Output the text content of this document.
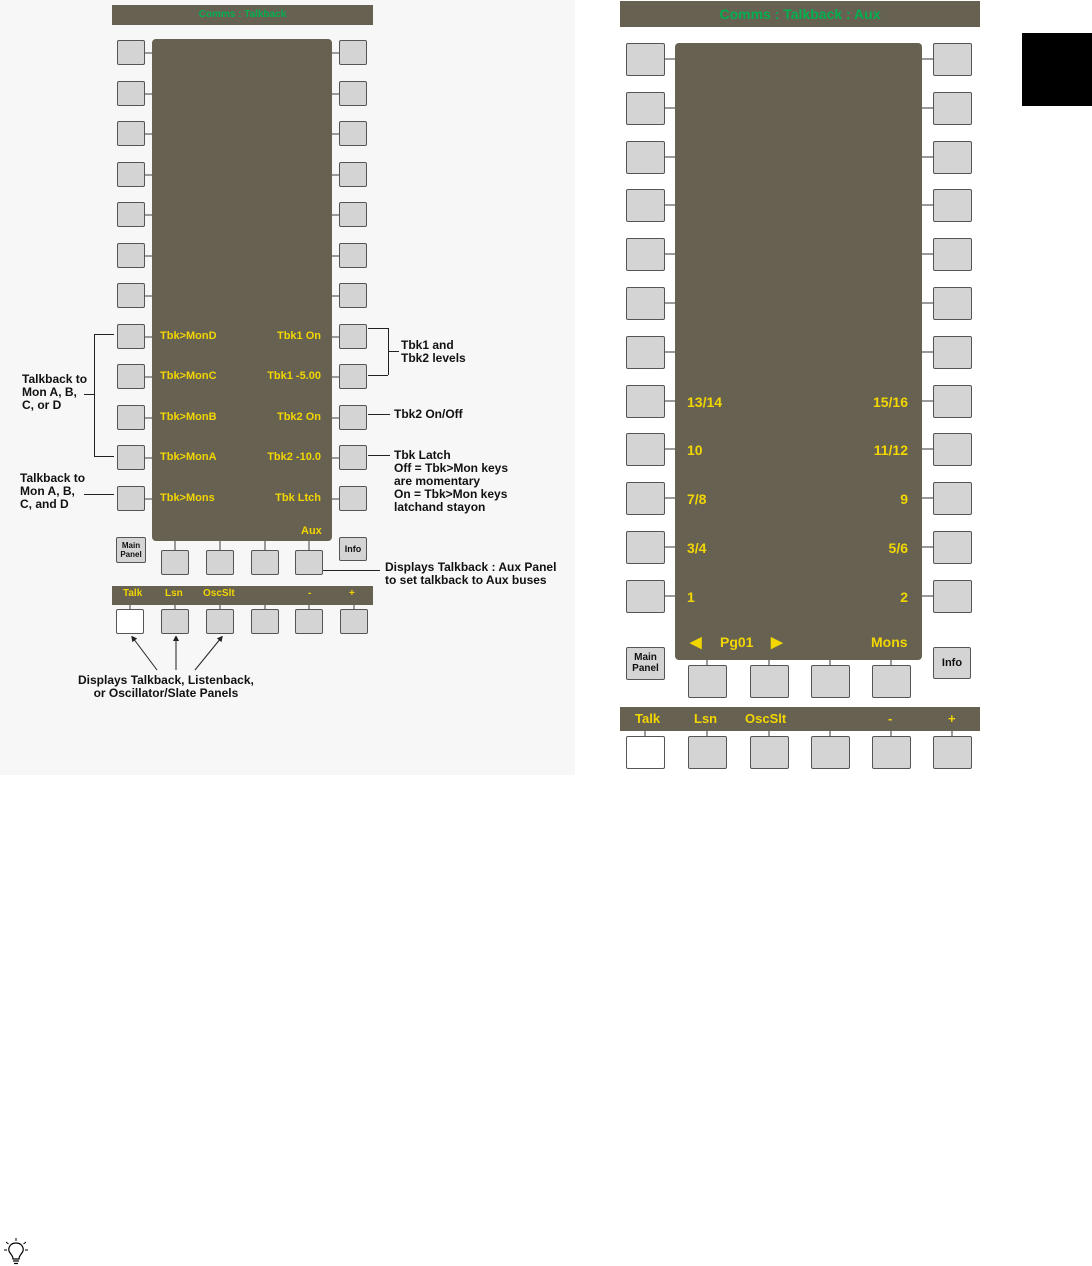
Comms : Talkback
Tbk>MonD	Tbk1 On
Tbk>MonC	Tbk1 -5.00
Tbk>MonB	Tbk2 On
Tbk>MonA	Tbk2 -10.0
Tbk>Mons	Tbk Ltch
Aux
Main
Panel
Info
Talk Lsn OscSlt	-	+
Talkback to
Mon A, B,
C, or D
Talkback to
Mon A, B,
C, and D
Tbk1 and
Tbk2 levels
Tbk2 On/Off
Tbk Latch
Off = Tbk>Mon keys
are momentary
On = Tbk>Mon keys
latchand stayon
Displays Talkback : Aux Panel
to set talkback to Aux buses
Displays Talkback, Listenback,
or Oscillator/Slate Panels
Comms : Talkback : Aux
13/14	15/16
10	11/12
7/8	9
3/4	5/6
1	2
◀ Pg01 ▶	Mons
Main
Panel	Info
Talk	Lsn OscSlt	-	+
